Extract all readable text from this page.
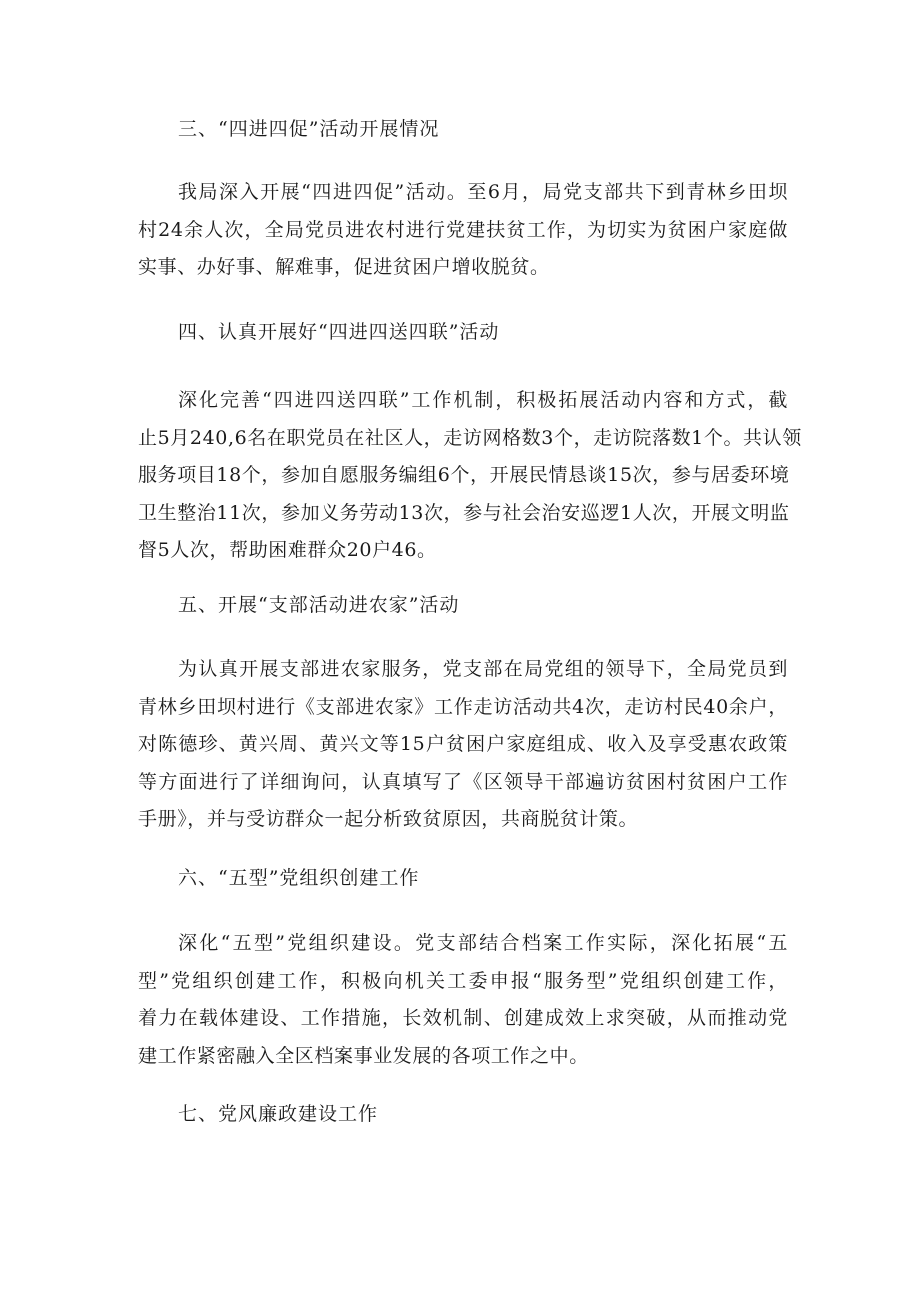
三、“四进四促”活动开展情况

我局深入开展“四进四促”活动。至6月，局党支部共下到青林乡田坝
村24余人次，全局党员进农村进行党建扶贫工作，为切实为贫困户家庭做
实事、办好事、解难事，促进贫困户增收脱贫。

四、认真开展好“四进四送四联”活动

深化完善“四进四送四联”工作机制，积极拓展活动内容和方式，截
止5月240,6名在职党员在社区人，走访网格数3个，走访院落数1个。共认领
服务项目18个，参加自愿服务编组6个，开展民情恳谈15次，参与居委环境
卫生整治11次，参加义务劳动13次，参与社会治安巡逻1人次，开展文明监
督5人次，帮助困难群众20户46。

五、开展“支部活动进农家”活动

为认真开展支部进农家服务，党支部在局党组的领导下，全局党员到
青林乡田坝村进行《支部进农家》工作走访活动共4次，走访村民40余户，
对陈德珍、黄兴周、黄兴文等15户贫困户家庭组成、收入及享受惠农政策
等方面进行了详细询问，认真填写了《区领导干部遍访贫困村贫困户工作
手册》，并与受访群众一起分析致贫原因，共商脱贫计策。

六、“五型”党组织创建工作

深化“五型”党组织建设。党支部结合档案工作实际，深化拓展“五
型”党组织创建工作，积极向机关工委申报“服务型”党组织创建工作，
着力在载体建设、工作措施，长效机制、创建成效上求突破，从而推动党
建工作紧密融入全区档案事业发展的各项工作之中。

七、党风廉政建设工作
